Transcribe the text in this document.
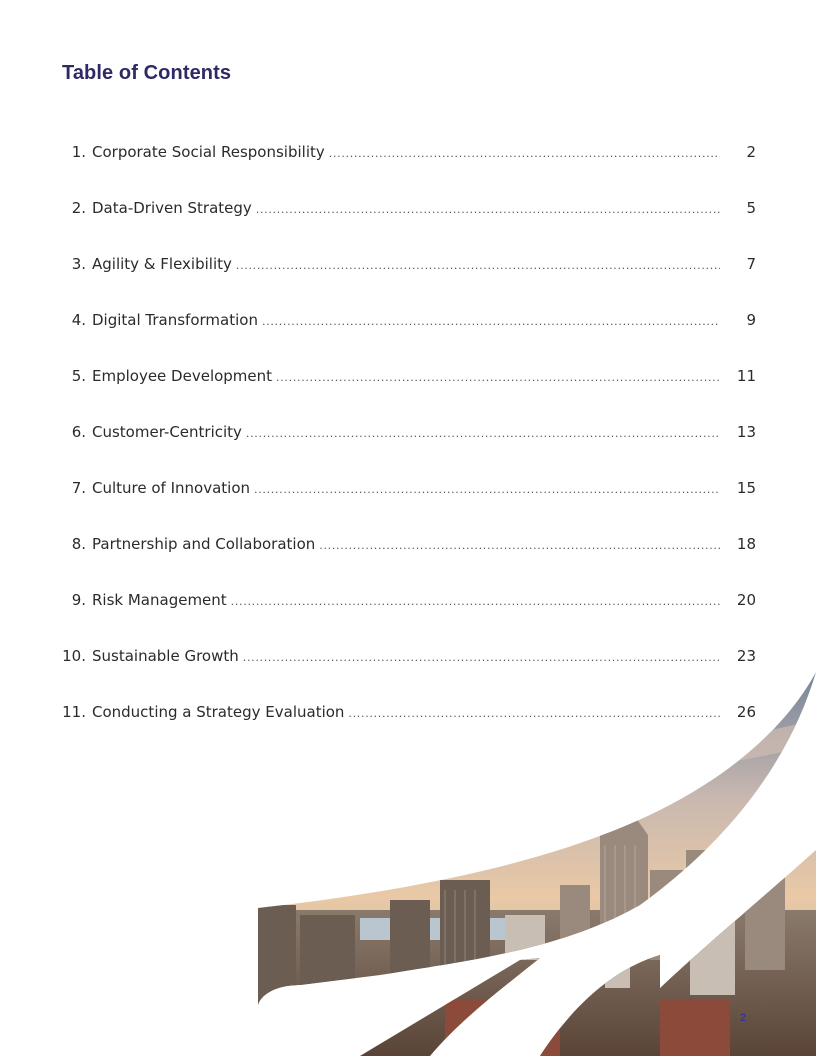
Table of Contents
1. Corporate Social Responsibility . . .	2
2. Data-Driven Strategy . . .	5
3. Agility & Flexibility . . .	7
4. Digital Transformation . . .	9
5. Employee Development . . .	11
6. Customer-Centricity . . .	13
7. Culture of Innovation . . .	15
8. Partnership and Collaboration . . .	18
9. Risk Management . . .	20
10. Sustainable Growth . . .	23
11. Conducting a Strategy Evaluation . . .	26
2
